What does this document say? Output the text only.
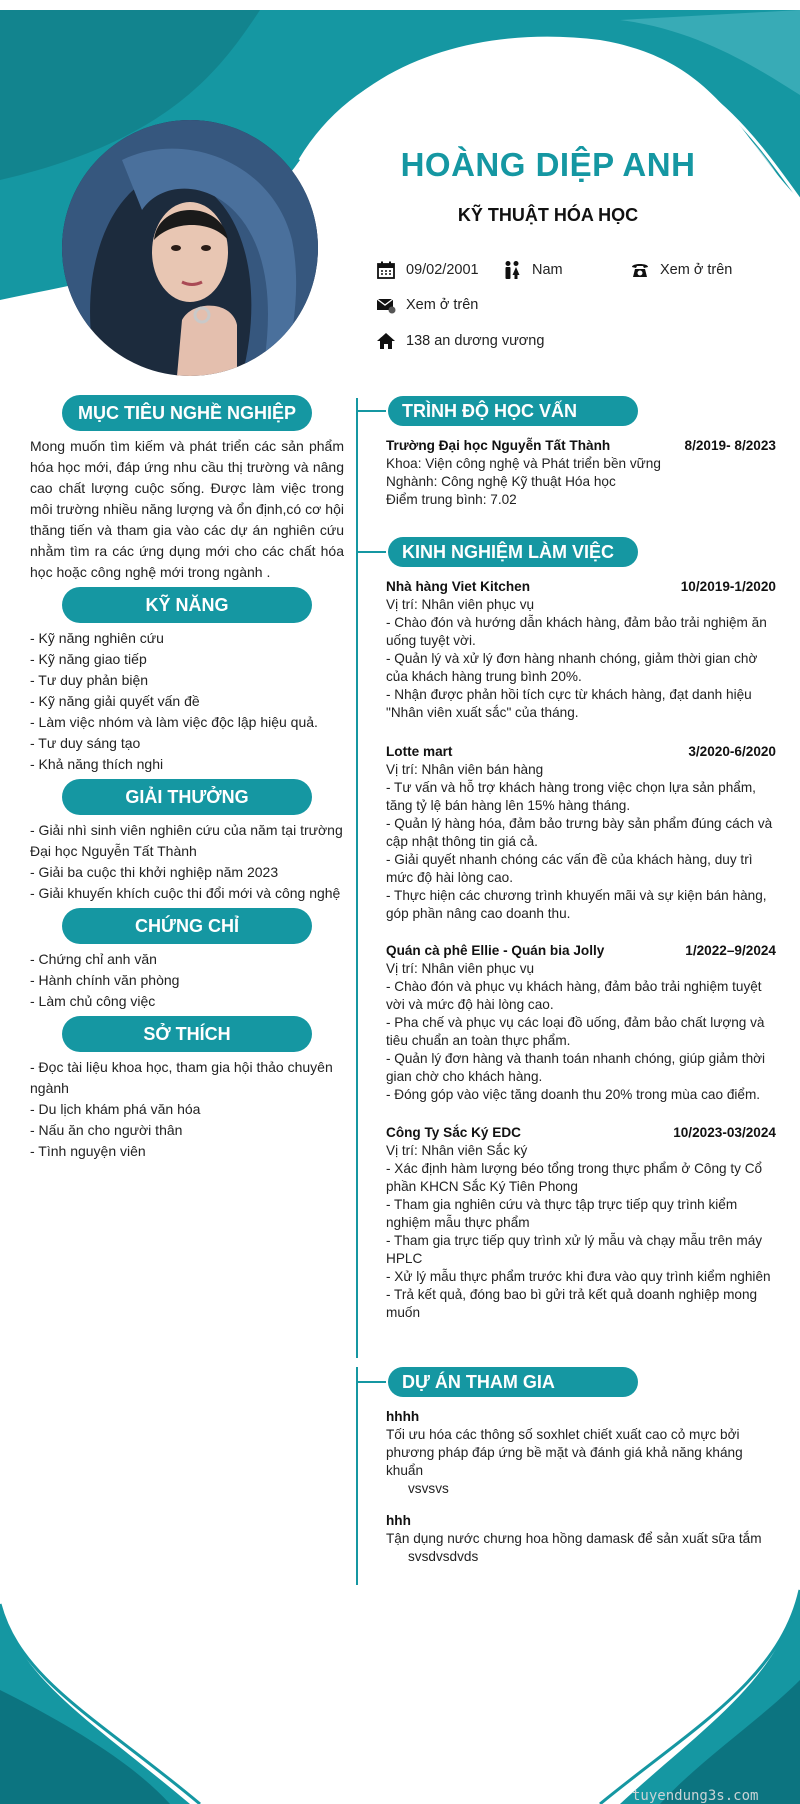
HOÀNG DIỆP ANH
KỸ THUẬT HÓA HỌC
09/02/2001	Nam	Xem ở trên
Xem ở trên
138 an dương vương
MỤC TIÊU NGHỀ NGHIỆP
Mong muốn tìm kiếm và phát triển các sản phẩm hóa học mới, đáp ứng nhu cầu thị trường và nâng cao chất lượng cuộc sống. Được làm việc trong môi trường nhiều năng lượng và ổn định,có cơ hội thăng tiến và tham gia vào các dự án nghiên cứu nhằm tìm ra các ứng dụng mới cho các chất hóa học hoặc công nghệ mới trong ngành .
KỸ NĂNG
- Kỹ năng nghiên cứu
- Kỹ năng giao tiếp
- Tư duy phản biện
- Kỹ năng giải quyết vấn đề
- Làm việc nhóm và làm việc độc lập hiệu quả.
- Tư duy sáng tạo
- Khả năng thích nghi
GIẢI THƯỞNG
- Giải nhì sinh viên nghiên cứu của năm tại trường Đại học Nguyễn Tất Thành
- Giải ba cuộc thi khởi nghiệp năm 2023
- Giải khuyến khích cuộc thi đổi mới và công nghệ
CHỨNG CHỈ
- Chứng chỉ anh văn
- Hành chính văn phòng
- Làm chủ công việc
SỞ THÍCH
- Đọc tài liệu khoa học, tham gia hội thảo chuyên ngành
- Du lịch khám phá văn hóa
- Nấu ăn cho người thân
- Tình nguyện viên
TRÌNH ĐỘ HỌC VẤN
Trường Đại học Nguyễn Tất Thành	8/2019- 8/2023
Khoa: Viện công nghệ và Phát triển bền vững
Nghành: Công nghệ Kỹ thuật Hóa học
Điểm trung bình: 7.02
KINH NGHIỆM LÀM VIỆC
Nhà hàng Viet Kitchen	10/2019-1/2020
Vị trí: Nhân viên phục vụ
- Chào đón và hướng dẫn khách hàng, đảm bảo trải nghiệm ăn uống tuyệt vời.
- Quản lý và xử lý đơn hàng nhanh chóng, giảm thời gian chờ của khách hàng trung bình 20%.
- Nhận được phản hồi tích cực từ khách hàng, đạt danh hiệu "Nhân viên xuất sắc" của tháng.
Lotte mart	3/2020-6/2020
Vị trí: Nhân viên bán hàng
- Tư vấn và hỗ trợ khách hàng trong việc chọn lựa sản phẩm, tăng tỷ lệ bán hàng lên 15% hàng tháng.
- Quản lý hàng hóa, đảm bảo trưng bày sản phẩm đúng cách và cập nhật thông tin giá cả.
- Giải quyết nhanh chóng các vấn đề của khách hàng, duy trì mức độ hài lòng cao.
- Thực hiện các chương trình khuyến mãi và sự kiện bán hàng, góp phần nâng cao doanh thu.
Quán cà phê Ellie - Quán bia Jolly	1/2022–9/2024
Vị trí: Nhân viên phục vụ
- Chào đón và phục vụ khách hàng, đảm bảo trải nghiệm tuyệt vời và mức độ hài lòng cao.
- Pha chế và phục vụ các loại đồ uống, đảm bảo chất lượng và tiêu chuẩn an toàn thực phẩm.
- Quản lý đơn hàng và thanh toán nhanh chóng, giúp giảm thời gian chờ cho khách hàng.
- Đóng góp vào việc tăng doanh thu 20% trong mùa cao điểm.
Công Ty Sắc Ký EDC	10/2023-03/2024
Vị trí: Nhân viên Sắc ký
- Xác định hàm lượng béo tổng trong thực phẩm ở Công ty Cổ phần KHCN Sắc Ký Tiên Phong
- Tham gia nghiên cứu và thực tập trực tiếp quy trình kiểm nghiệm mẫu thực phẩm
- Tham gia trực tiếp quy trình xử lý mẫu và chạy mẫu trên máy HPLC
- Xử lý mẫu thực phẩm trước khi đưa vào quy trình kiểm nghiên
- Trả kết quả, đóng bao bì gửi trả kết quả doanh nghiệp mong muốn
DỰ ÁN THAM GIA
hhhh
Tối ưu hóa các thông số soxhlet chiết xuất cao cỏ mực bởi phương pháp đáp ứng bề mặt và đánh giá khả năng kháng khuẩn
vsvsvs
hhh
Tận dụng nước chưng hoa hồng damask để sản xuất sữa tắm
svsdvsdvds
tuyendung3s.com
